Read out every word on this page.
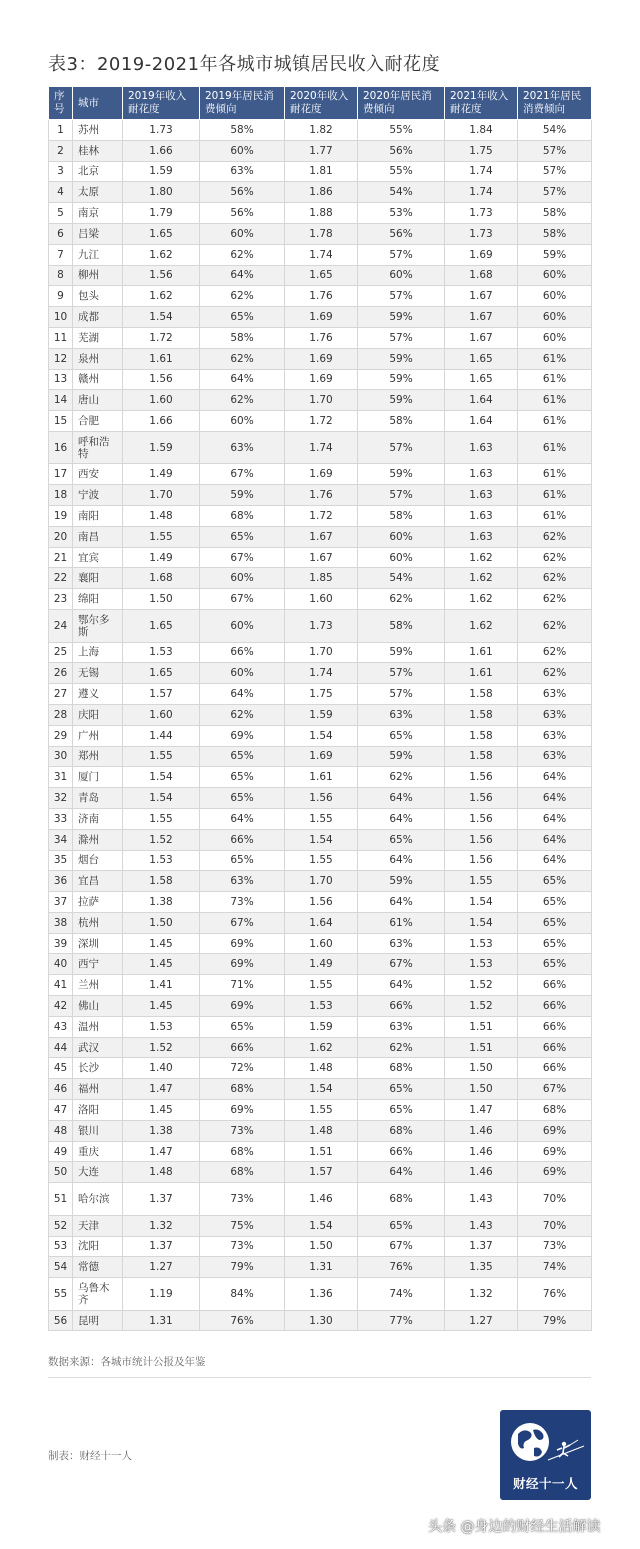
表3：2019-2021年各城市城镇居民收入耐花度
序号	城市	2019年收入耐花度	2019年居民消费倾向	2020年收入耐花度	2020年居民消费倾向	2021年收入耐花度	2021年居民消费倾向
1	苏州	1.73	58%	1.82	55%	1.84	54%
2	桂林	1.66	60%	1.77	56%	1.75	57%
3	北京	1.59	63%	1.81	55%	1.74	57%
4	太原	1.80	56%	1.86	54%	1.74	57%
5	南京	1.79	56%	1.88	53%	1.73	58%
6	吕梁	1.65	60%	1.78	56%	1.73	58%
7	九江	1.62	62%	1.74	57%	1.69	59%
8	柳州	1.56	64%	1.65	60%	1.68	60%
9	包头	1.62	62%	1.76	57%	1.67	60%
10	成都	1.54	65%	1.69	59%	1.67	60%
11	芜湖	1.72	58%	1.76	57%	1.67	60%
12	泉州	1.61	62%	1.69	59%	1.65	61%
13	赣州	1.56	64%	1.69	59%	1.65	61%
14	唐山	1.60	62%	1.70	59%	1.64	61%
15	合肥	1.66	60%	1.72	58%	1.64	61%
16	呼和浩特	1.59	63%	1.74	57%	1.63	61%
17	西安	1.49	67%	1.69	59%	1.63	61%
18	宁波	1.70	59%	1.76	57%	1.63	61%
19	南阳	1.48	68%	1.72	58%	1.63	61%
20	南昌	1.55	65%	1.67	60%	1.63	62%
21	宜宾	1.49	67%	1.67	60%	1.62	62%
22	襄阳	1.68	60%	1.85	54%	1.62	62%
23	绵阳	1.50	67%	1.60	62%	1.62	62%
24	鄂尔多斯	1.65	60%	1.73	58%	1.62	62%
25	上海	1.53	66%	1.70	59%	1.61	62%
26	无锡	1.65	60%	1.74	57%	1.61	62%
27	遵义	1.57	64%	1.75	57%	1.58	63%
28	庆阳	1.60	62%	1.59	63%	1.58	63%
29	广州	1.44	69%	1.54	65%	1.58	63%
30	郑州	1.55	65%	1.69	59%	1.58	63%
31	厦门	1.54	65%	1.61	62%	1.56	64%
32	青岛	1.54	65%	1.56	64%	1.56	64%
33	济南	1.55	64%	1.55	64%	1.56	64%
34	滁州	1.52	66%	1.54	65%	1.56	64%
35	烟台	1.53	65%	1.55	64%	1.56	64%
36	宜昌	1.58	63%	1.70	59%	1.55	65%
37	拉萨	1.38	73%	1.56	64%	1.54	65%
38	杭州	1.50	67%	1.64	61%	1.54	65%
39	深圳	1.45	69%	1.60	63%	1.53	65%
40	西宁	1.45	69%	1.49	67%	1.53	65%
41	兰州	1.41	71%	1.55	64%	1.52	66%
42	佛山	1.45	69%	1.53	66%	1.52	66%
43	温州	1.53	65%	1.59	63%	1.51	66%
44	武汉	1.52	66%	1.62	62%	1.51	66%
45	长沙	1.40	72%	1.48	68%	1.50	66%
46	福州	1.47	68%	1.54	65%	1.50	67%
47	洛阳	1.45	69%	1.55	65%	1.47	68%
48	银川	1.38	73%	1.48	68%	1.46	69%
49	重庆	1.47	68%	1.51	66%	1.46	69%
50	大连	1.48	68%	1.57	64%	1.46	69%
51	哈尔滨	1.37	73%	1.46	68%	1.43	70%
52	天津	1.32	75%	1.54	65%	1.43	70%
53	沈阳	1.37	73%	1.50	67%	1.37	73%
54	常德	1.27	79%	1.31	76%	1.35	74%
55	乌鲁木齐	1.19	84%	1.36	74%	1.32	76%
56	昆明	1.31	76%	1.30	77%	1.27	79%
数据来源：各城市统计公报及年鉴
制表：财经十一人
财经十一人
头条 @身边的财经生活解读
